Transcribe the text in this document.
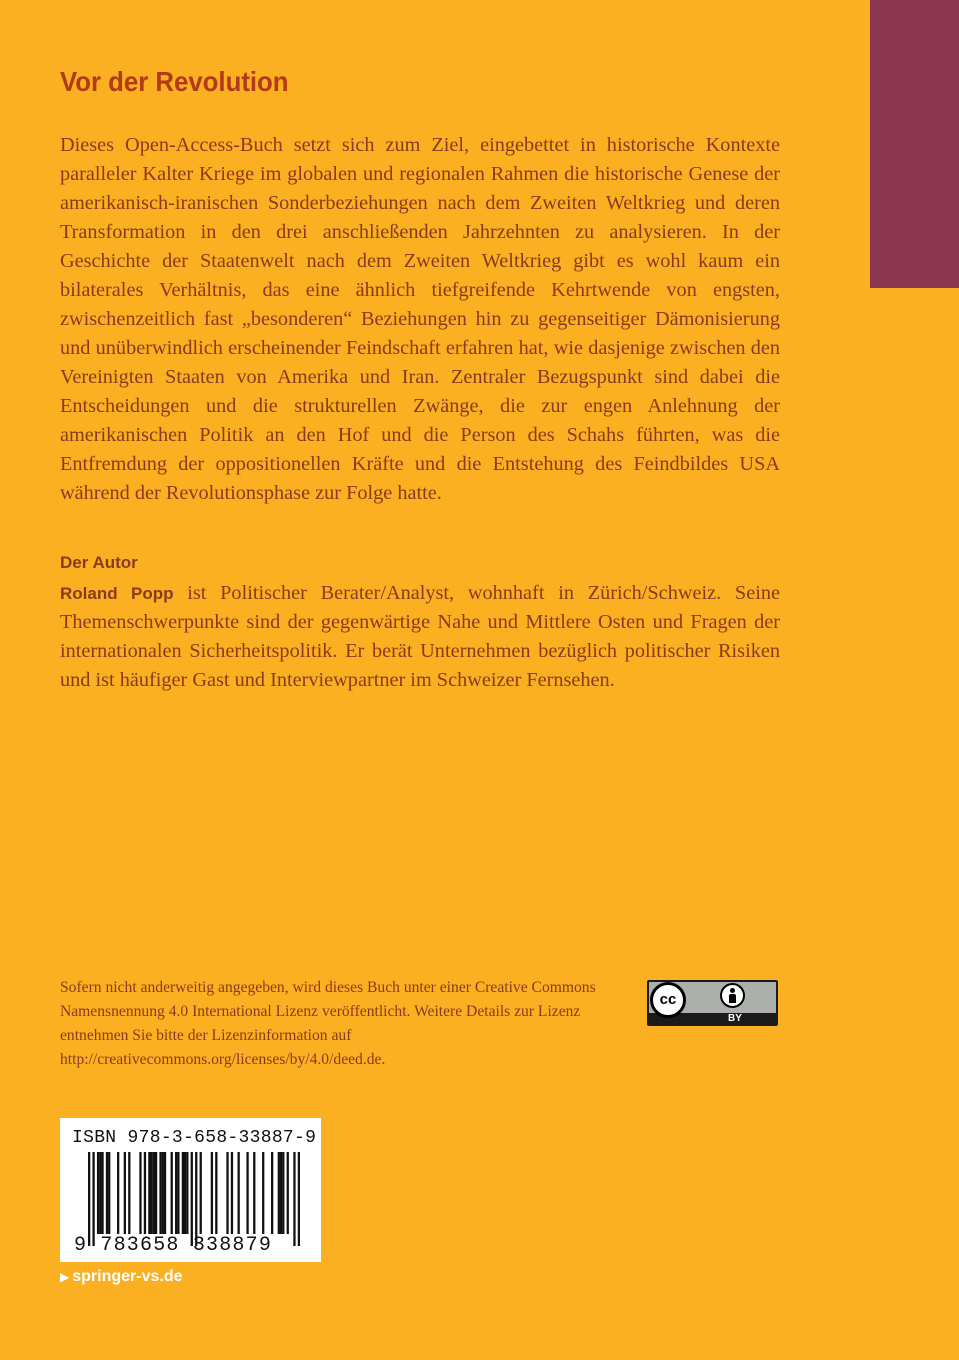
Vor der Revolution

Dieses Open-Access-Buch setzt sich zum Ziel, eingebettet in historische Kontexte paralleler Kalter Kriege im globalen und regionalen Rahmen die historische Genese der amerikanisch-iranischen Sonderbeziehungen nach dem Zweiten Weltkrieg und deren Transformation in den drei anschließenden Jahrzehnten zu analysieren. In der Geschichte der Staatenwelt nach dem Zweiten Weltkrieg gibt es wohl kaum ein bilaterales Verhältnis, das eine ähnlich tiefgreifende Kehrtwende von engsten, zwischenzeitlich fast „besonderen“ Beziehungen hin zu gegenseitiger Dämonisierung und unüberwindlich erscheinender Feindschaft erfahren hat, wie dasjenige zwischen den Vereinigten Staaten von Amerika und Iran. Zentraler Bezugspunkt sind dabei die Entscheidungen und die strukturellen Zwänge, die zur engen Anlehnung der amerikanischen Politik an den Hof und die Person des Schahs führten, was die Entfremdung der oppositionellen Kräfte und die Entstehung des Feindbildes USA während der Revolutionsphase zur Folge hatte.

Der Autor

Roland Popp ist Politischer Berater/Analyst, wohnhaft in Zürich/Schweiz. Seine Themenschwerpunkte sind der gegenwärtige Nahe und Mittlere Osten und Fragen der internationalen Sicherheitspolitik. Er berät Unternehmen bezüglich politischer Risiken und ist häufiger Gast und Interviewpartner im Schweizer Fernsehen.

Sofern nicht anderweitig angegeben, wird dieses Buch unter einer Creative Commons Namensnennung 4.0 International Lizenz veröffentlicht. Weitere Details zur Lizenz entnehmen Sie bitte der Lizenzinformation auf http://creativecommons.org/licenses/by/4.0/deed.de.

cc
BY
ISBN 978-3-658-33887-9
9 783658 338879
▶ springer-vs.de
